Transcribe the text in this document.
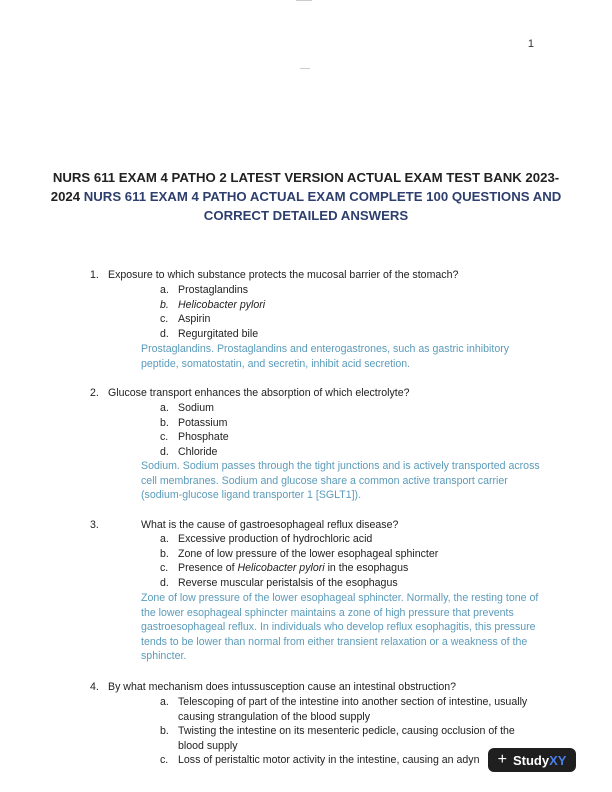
1
NURS 611 EXAM 4 PATHO 2 LATEST VERSION ACTUAL EXAM TEST BANK 2023-2024 NURS 611 EXAM 4 PATHO ACTUAL EXAM COMPLETE 100 QUESTIONS AND CORRECT DETAILED ANSWERS
1. Exposure to which substance protects the mucosal barrier of the stomach?
a. Prostaglandins
b. Helicobacter pylori
c. Aspirin
d. Regurgitated bile
Prostaglandins. Prostaglandins and enterogastrones, such as gastric inhibitory peptide, somatostatin, and secretin, inhibit acid secretion.
2. Glucose transport enhances the absorption of which electrolyte?
a. Sodium
b. Potassium
c. Phosphate
d. Chloride
Sodium. Sodium passes through the tight junctions and is actively transported across cell membranes. Sodium and glucose share a common active transport carrier (sodium-glucose ligand transporter 1 [SGLT1]).
3.	What is the cause of gastroesophageal reflux disease?
a. Excessive production of hydrochloric acid
b. Zone of low pressure of the lower esophageal sphincter
c. Presence of Helicobacter pylori in the esophagus
d. Reverse muscular peristalsis of the esophagus
Zone of low pressure of the lower esophageal sphincter. Normally, the resting tone of the lower esophageal sphincter maintains a zone of high pressure that prevents gastroesophageal reflux. In individuals who develop reflux esophagitis, this pressure tends to be lower than normal from either transient relaxation or a weakness of the sphincter.
4. By what mechanism does intussusception cause an intestinal obstruction?
a. Telescoping of part of the intestine into another section of intestine, usually causing strangulation of the blood supply
b. Twisting the intestine on its mesenteric pedicle, causing occlusion of the blood supply
c. Loss of peristaltic motor activity in the intestine, causing an adyn	+ Study XY
